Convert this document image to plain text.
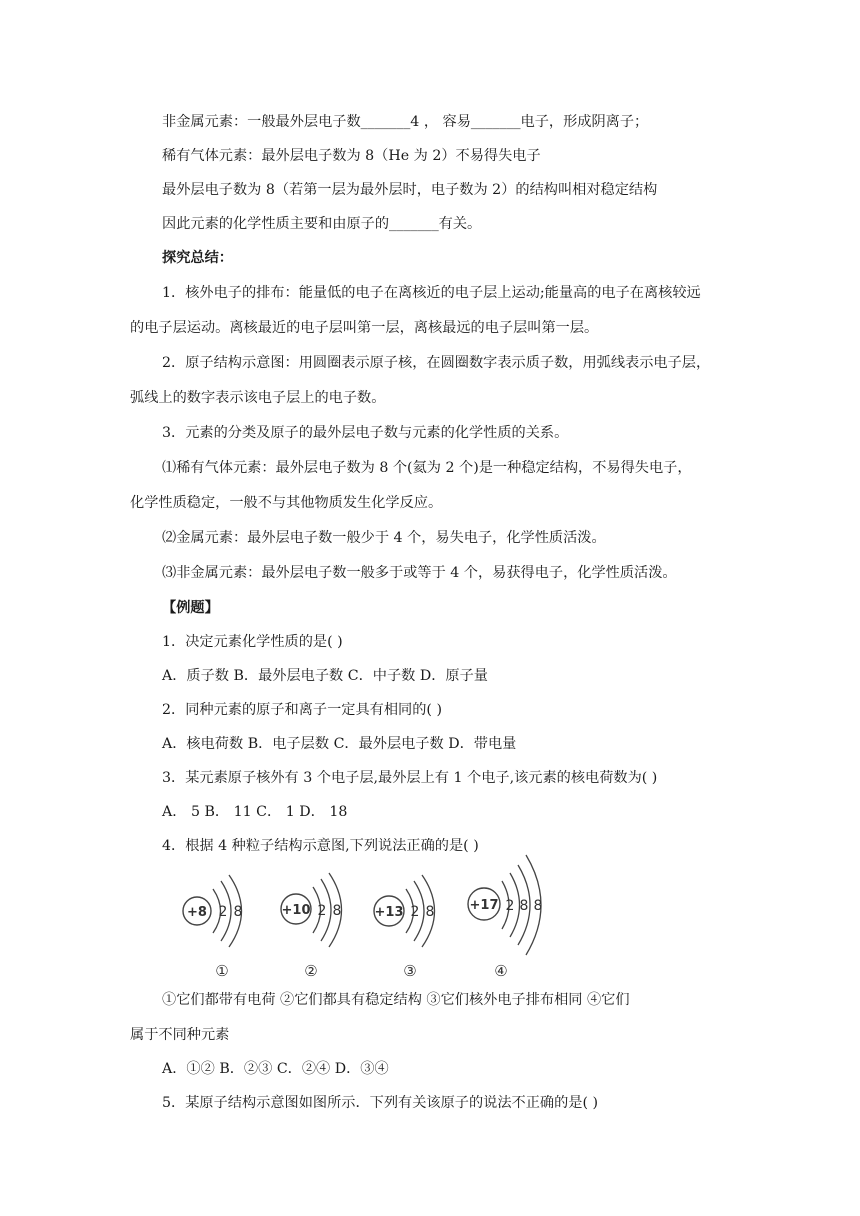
非金属元素：一般最外层电子数_______4 ， 容易_______电子，形成阴离子；
稀有气体元素：最外层电子数为 8（He 为 2）不易得失电子
最外层电子数为 8（若第一层为最外层时，电子数为 2）的结构叫相对稳定结构
因此元素的化学性质主要和由原子的_______有关。
探究总结：
1．核外电子的排布：能量低的电子在离核近的电子层上运动;能量高的电子在离核较远
的电子层运动。离核最近的电子层叫第一层，离核最远的电子层叫第一层。
2．原子结构示意图：用圆圈表示原子核，在圆圈数字表示质子数，用弧线表示电子层，
弧线上的数字表示该电子层上的电子数。
3．元素的分类及原子的最外层电子数与元素的化学性质的关系。
⑴稀有气体元素：最外层电子数为 8 个(氦为 2 个)是一种稳定结构，不易得失电子，
化学性质稳定，一般不与其他物质发生化学反应。
⑵金属元素：最外层电子数一般少于 4 个，易失电子，化学性质活泼。
⑶非金属元素：最外层电子数一般多于或等于 4 个，易获得电子，化学性质活泼。
【例题】
1．决定元素化学性质的是( )
A．质子数 B．最外层电子数 C．中子数 D．原子量
2．同种元素的原子和离子一定具有相同的( )
A．核电荷数 B．电子层数 C．最外层电子数 D．带电量
3．某元素原子核外有 3 个电子层,最外层上有 1 个电子,该元素的核电荷数为( )
A． 5 B． 11 C． 1 D． 18
4．根据 4 种粒子结构示意图,下列说法正确的是( )
+8 2 8
①
+10 2 8
②
+13 2 8
③
+17 2 8 8
④
①它们都带有电荷 ②它们都具有稳定结构 ③它们核外电子排布相同 ④它们
属于不同种元素
A．①② B．②③ C．②④ D．③④
5．某原子结构示意图如图所示．下列有关该原子的说法不正确的是( )
